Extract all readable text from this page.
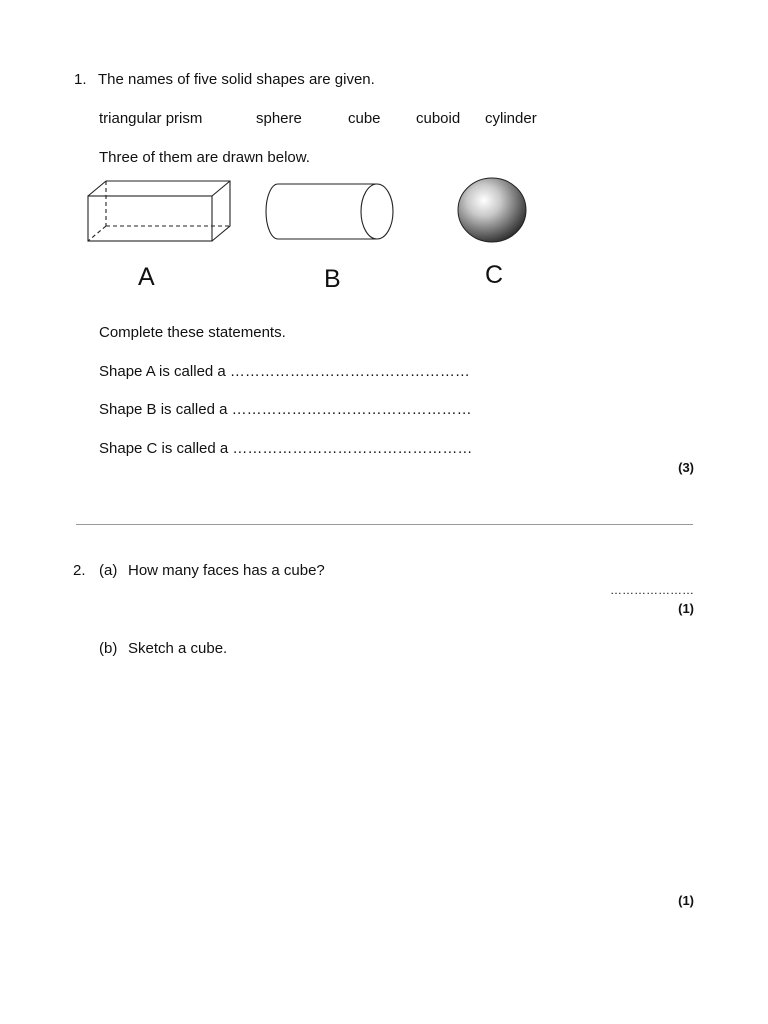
1. The names of five solid shapes are given.
triangular prism	sphere	cube cuboid cylinder
Three of them are drawn below.
A	B	C
Complete these statements.
Shape A is called a …………………………………………
Shape B is called a …………………………………………
Shape C is called a …………………………………………
(3)
2. (a) How many faces has a cube?
…………………
(1)
(b) Sketch a cube.
(1)
